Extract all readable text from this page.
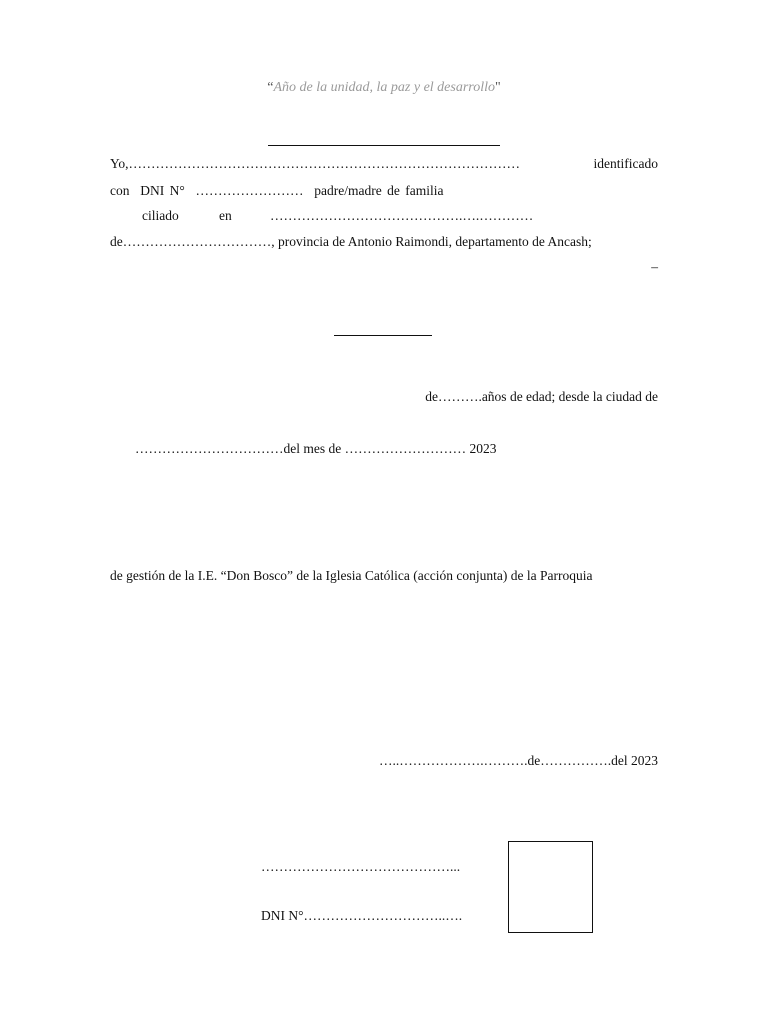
“Año de la unidad, la paz y el desarrollo"
Yo,……………………………………………………………………………	identificado
con DNI N° …………………… padre/madre de familia
ciliado	en	…………………………………….….…………
de……………………………, provincia de Antonio Raimondi, departamento de Ancash;
–
de……….años de edad; desde la ciudad de
……………………………del mes de ……………………… 2023
de gestión de la I.E. “Don Bosco” de la Iglesia Católica (acción conjunta) de la Parroquia
…..……………….……….de…………….del 2023
……………………………………...
DNI N°…………………………..….
